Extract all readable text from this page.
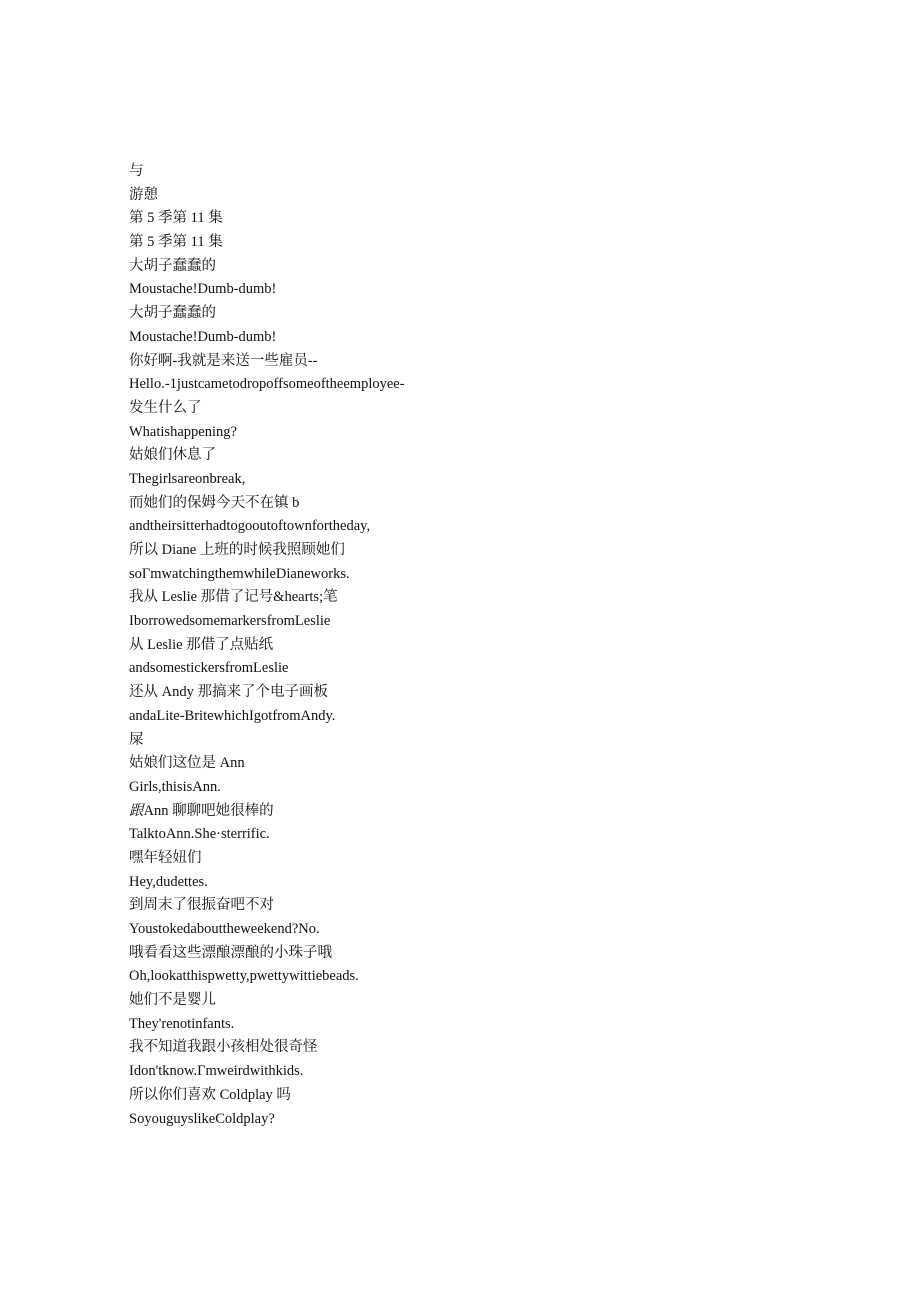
与
游憩
第 5 季第 11 集
第 5 季第 11 集
大胡子蠢蠢的
Moustache!Dumb-dumb!
大胡子蠢蠢的
Moustache!Dumb-dumb!
你好啊-我就是来送一些雇员--
Hello.-1justcametodropoffsomeoftheemployee-
发生什么了
Whatishappening?
姑娘们休息了
Thegirlsareonbreak,
而她们的保姆今天不在镇 b
andtheirsitterhadtogooutoftownfortheday,
所以 Diane 上班的时候我照顾她们
soΓmwatchingthemwhileDianeworks.
我从 Leslie 那借了记号&hearts;笔
IborrowedsomemarkersfromLeslie
从 Leslie 那借了点贴纸
andsomestickersfromLeslie
还从 Andy 那搞来了个电子画板
andaLite-BritewhichIgotfromAndy.
屎
姑娘们这位是 Ann
Girls,thisisAnn.
跟Ann 聊聊吧她很棒的
TalktoAnn.She·sterrific.
嘿年轻妞们
Hey,dudettes.
到周末了很振奋吧不对
Youstokedabouttheweekend?No.
哦看看这些漂酿漂酿的小珠子哦
Oh,lookatthispwetty,pwettywittiebeads.
她们不是婴儿
They'renotinfants.
我不知道我跟小孩相处很奇怪
Idon'tknow.Γmweirdwithkids.
所以你们喜欢 Coldplay 吗
SoyouguyslikeColdplay?
